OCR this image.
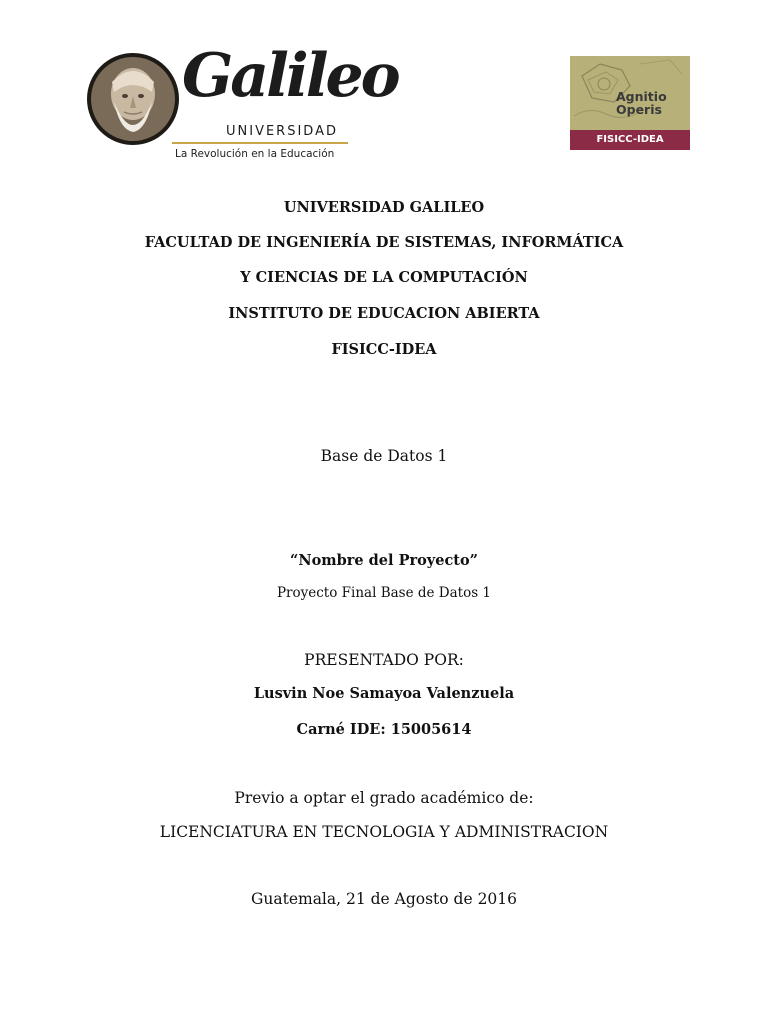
Galileo
UNIVERSIDAD
La Revolución en la Educación
Agnitio
Operis
FISICC-IDEA
UNIVERSIDAD GALILEO
FACULTAD DE INGENIERÍA DE SISTEMAS, INFORMÁTICA
Y CIENCIAS DE LA COMPUTACIÓN
INSTITUTO DE EDUCACION ABIERTA
FISICC-IDEA
Base de Datos 1
“Nombre del Proyecto”
Proyecto Final Base de Datos 1
PRESENTADO POR:
Lusvin Noe Samayoa Valenzuela
Carné IDE: 15005614
Previo a optar el grado académico de:
LICENCIATURA EN TECNOLOGIA Y ADMINISTRACION
Guatemala, 21 de Agosto de 2016
